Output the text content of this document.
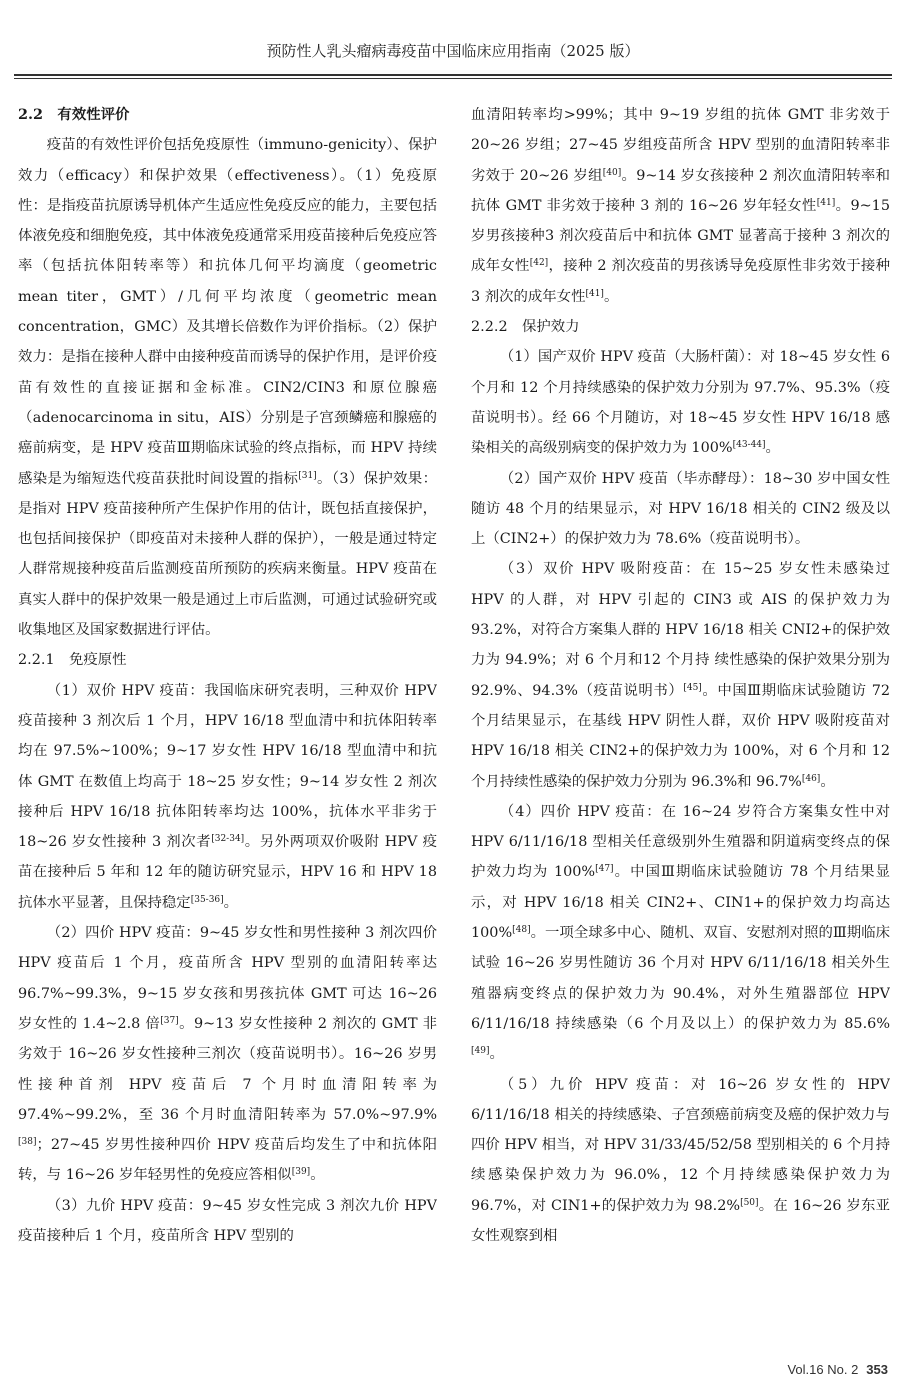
预防性人乳头瘤病毒疫苗中国临床应用指南（2025 版）

2.2　有效性评价

疫苗的有效性评价包括免疫原性（immuno-genicity）、保护效力（efficacy）和保护效果（effectiveness）。（1）免疫原性：是指疫苗抗原诱导机体产生适应性免疫反应的能力，主要包括体液免疫和细胞免疫，其中体液免疫通常采用疫苗接种后免疫应答率（包括抗体阳转率等）和抗体几何平均滴度（geometric mean titer，GMT）/几何平均浓度（geometric mean concentration，GMC）及其增长倍数作为评价指标。（2）保护效力：是指在接种人群中由接种疫苗而诱导的保护作用，是评价疫苗有效性的直接证据和金标准。CIN2/CIN3 和原位腺癌（adenocarcinoma in situ，AIS）分别是子宫颈鳞癌和腺癌的癌前病变，是 HPV 疫苗Ⅲ期临床试验的终点指标，而 HPV 持续感染是为缩短迭代疫苗获批时间设置的指标[31]。（3）保护效果：是指对 HPV 疫苗接种所产生保护作用的估计，既包括直接保护，也包括间接保护（即疫苗对未接种人群的保护），一般是通过特定人群常规接种疫苗后监测疫苗所预防的疾病来衡量。HPV 疫苗在真实人群中的保护效果一般是通过上市后监测，可通过试验研究或收集地区及国家数据进行评估。

2.2.1　免疫原性

（1）双价 HPV 疫苗：我国临床研究表明，三种双价 HPV 疫苗接种 3 剂次后 1 个月，HPV 16/18 型血清中和抗体阳转率均在 97.5%~100%；9~17 岁女性 HPV 16/18 型血清中和抗体 GMT 在数值上均高于 18~25 岁女性；9~14 岁女性 2 剂次接种后 HPV 16/18 抗体阳转率均达 100%，抗体水平非劣于 18~26 岁女性接种 3 剂次者[32-34]。另外两项双价吸附 HPV 疫苗在接种后 5 年和 12 年的随访研究显示，HPV 16 和 HPV 18 抗体水平显著，且保持稳定[35-36]。

（2）四价 HPV 疫苗：9~45 岁女性和男性接种 3 剂次四价 HPV 疫苗后 1 个月，疫苗所含 HPV 型别的血清阳转率达 96.7%~99.3%，9~15 岁女孩和男孩抗体 GMT 可达 16~26 岁女性的 1.4~2.8 倍[37]。9~13 岁女性接种 2 剂次的 GMT 非劣效于 16~26 岁女性接种三剂次（疫苗说明书）。16~26 岁男性接种首剂 HPV 疫苗后 7 个月时血清阳转率为 97.4%~99.2%，至 36 个月时血清阳转率为 57.0%~97.9%[38]；27~45 岁男性接种四价 HPV 疫苗后均发生了中和抗体阳转，与 16~26 岁年轻男性的免疫应答相似[39]。

（3）九价 HPV 疫苗：9~45 岁女性完成 3 剂次九价 HPV 疫苗接种后 1 个月，疫苗所含 HPV 型别的

血清阳转率均>99%；其中 9~19 岁组的抗体 GMT 非劣效于 20~26 岁组；27~45 岁组疫苗所含 HPV 型别的血清阳转率非劣效于 20~26 岁组[40]。9~14 岁女孩接种 2 剂次血清阳转率和抗体 GMT 非劣效于接种 3 剂的 16~26 岁年轻女性[41]。9~15 岁男孩接种3 剂次疫苗后中和抗体 GMT 显著高于接种 3 剂次的成年女性[42]，接种 2 剂次疫苗的男孩诱导免疫原性非劣效于接种 3 剂次的成年女性[41]。

2.2.2　保护效力

（1）国产双价 HPV 疫苗（大肠杆菌）：对 18~45 岁女性 6 个月和 12 个月持续感染的保护效力分别为 97.7%、95.3%（疫苗说明书）。经 66 个月随访，对 18~45 岁女性 HPV 16/18 感染相关的高级别病变的保护效力为 100%[43-44]。

（2）国产双价 HPV 疫苗（毕赤酵母）：18~30 岁中国女性随访 48 个月的结果显示，对 HPV 16/18 相关的 CIN2 级及以上（CIN2+）的保护效力为 78.6%（疫苗说明书）。

（3）双价 HPV 吸附疫苗：在 15~25 岁女性未感染过 HPV 的人群，对 HPV 引起的 CIN3 或 AIS 的保护效力为 93.2%，对符合方案集人群的 HPV 16/18 相关 CNI2+的保护效力为 94.9%；对 6 个月和12 个月持 续性感染的保护效果分别为 92.9%、94.3%（疫苗说明书）[45]。中国Ⅲ期临床试验随访 72 个月结果显示，在基线 HPV 阴性人群，双价 HPV 吸附疫苗对 HPV 16/18 相关 CIN2+的保护效力为 100%，对 6 个月和 12 个月持续性感染的保护效力分别为 96.3%和 96.7%[46]。

（4）四价 HPV 疫苗：在 16~24 岁符合方案集女性中对 HPV 6/11/16/18 型相关任意级别外生殖器和阴道病变终点的保护效力均为 100%[47]。中国Ⅲ期临床试验随访 78 个月结果显示，对 HPV 16/18 相关 CIN2+、CIN1+的保护效力均高达 100%[48]。一项全球多中心、随机、双盲、安慰剂对照的Ⅲ期临床试验 16~26 岁男性随访 36 个月对 HPV 6/11/16/18 相关外生殖器病变终点的保护效力为 90.4%，对外生殖器部位 HPV 6/11/16/18 持续感染（6 个月及以上）的保护效力为 85.6%[49]。

（5）九价 HPV 疫苗：对 16~26 岁女性的 HPV 6/11/16/18 相关的持续感染、子宫颈癌前病变及癌的保护效力与四价 HPV 相当，对 HPV 31/33/45/52/58 型别相关的 6 个月持续感染保护效力为 96.0%，12 个月持续感染保护效力为 96.7%，对 CIN1+的保护效力为 98.2%[50]。在 16~26 岁东亚女性观察到相

Vol.16 No. 2 353
